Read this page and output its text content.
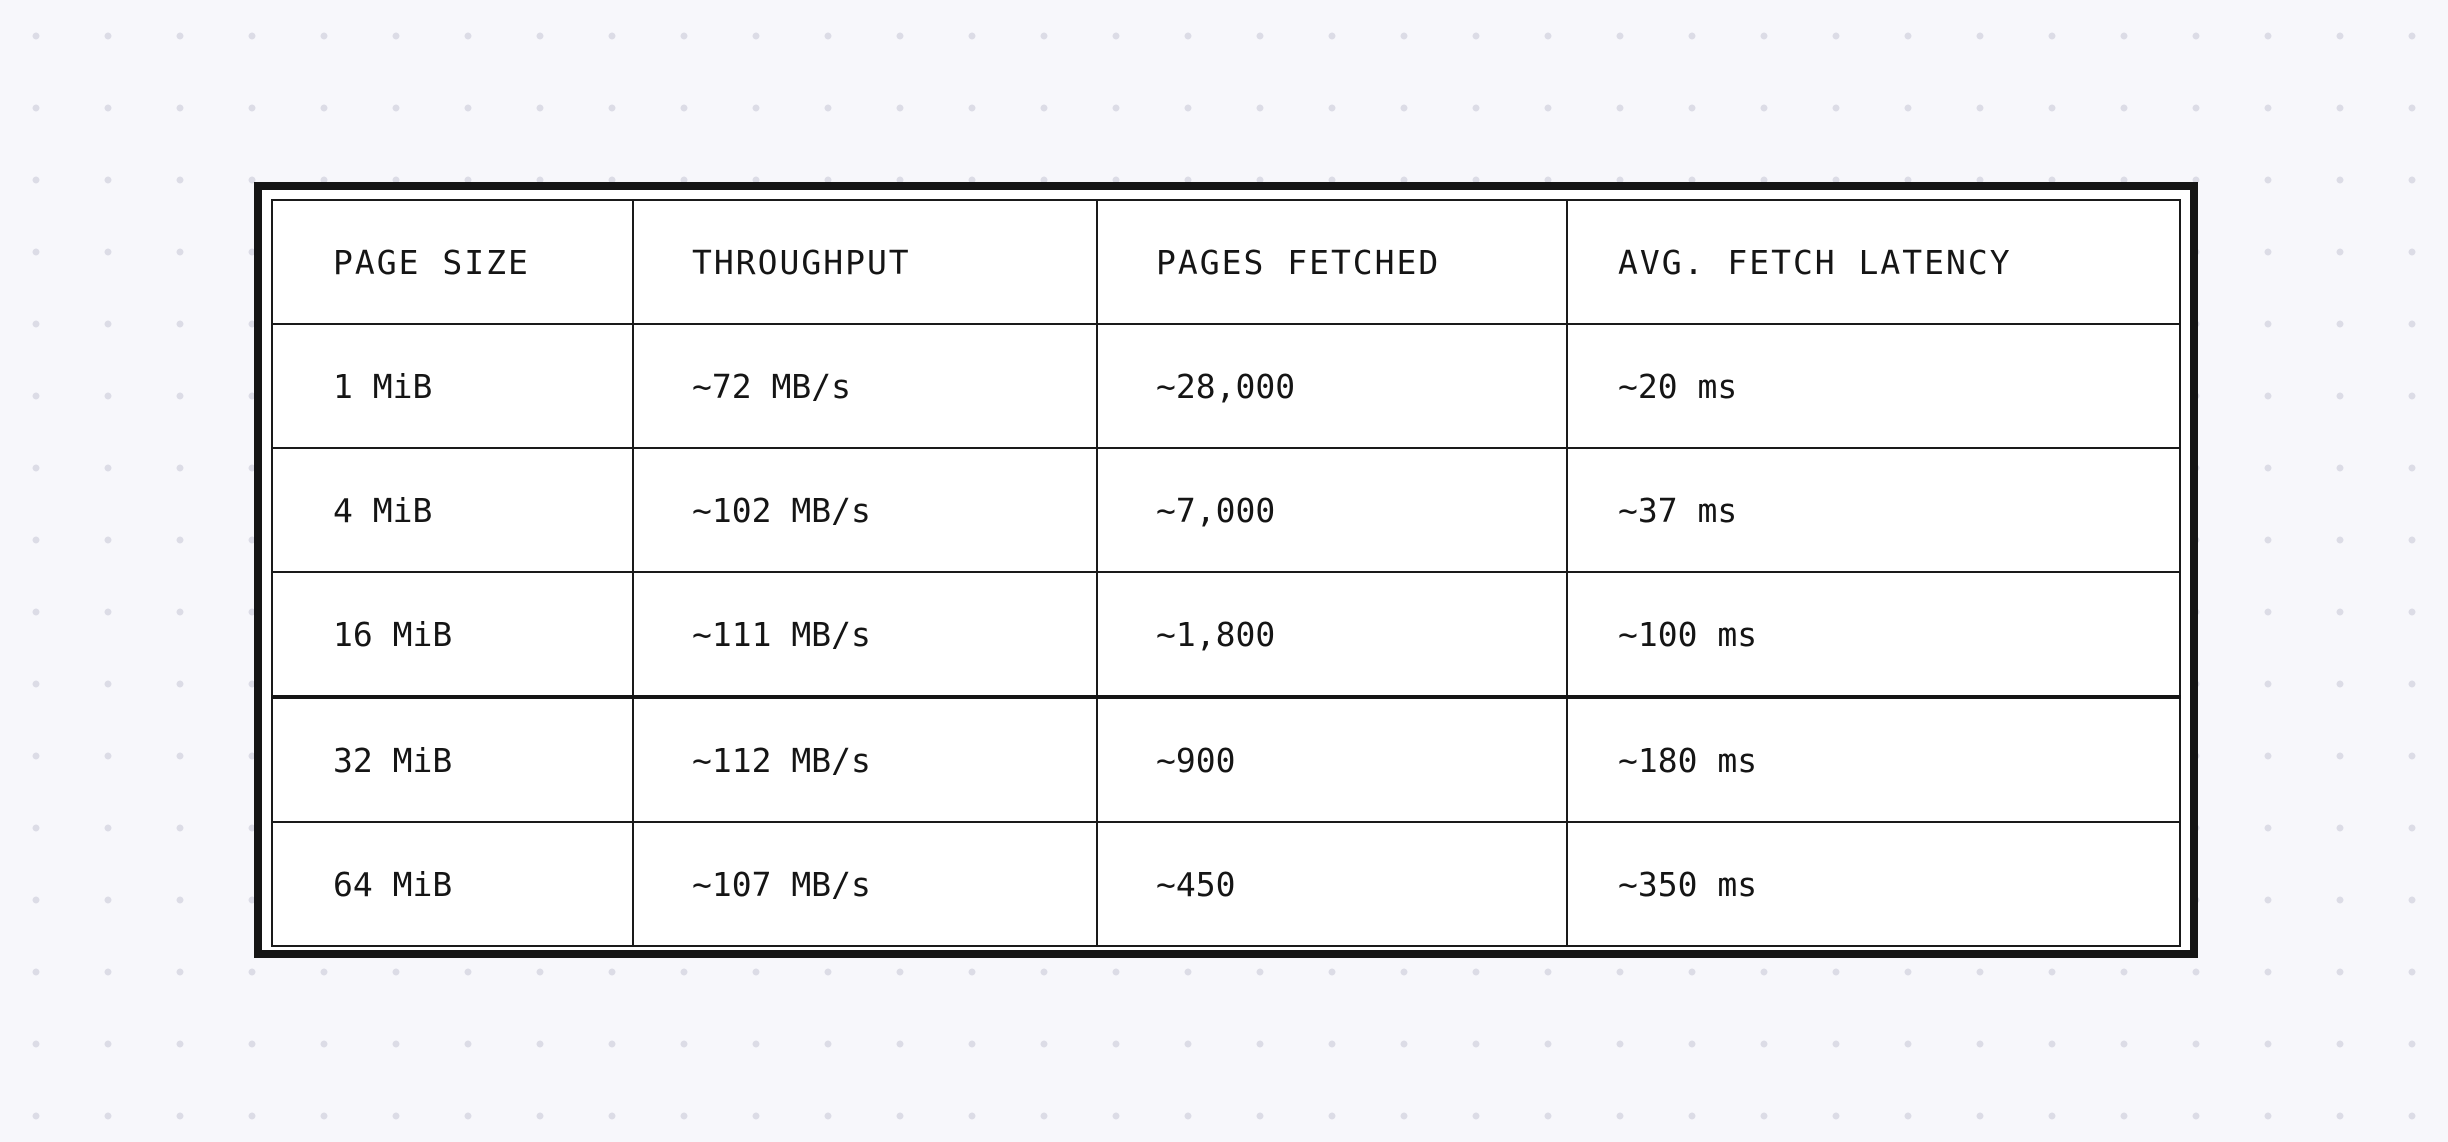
PAGE SIZE	THROUGHPUT	PAGES FETCHED	AVG. FETCH LATENCY
1 MiB	~72 MB/s	~28,000	~20 ms
4 MiB	~102 MB/s	~7,000	~37 ms
16 MiB	~111 MB/s	~1,800	~100 ms
32 MiB	~112 MB/s	~900	~180 ms
64 MiB	~107 MB/s	~450	~350 ms
